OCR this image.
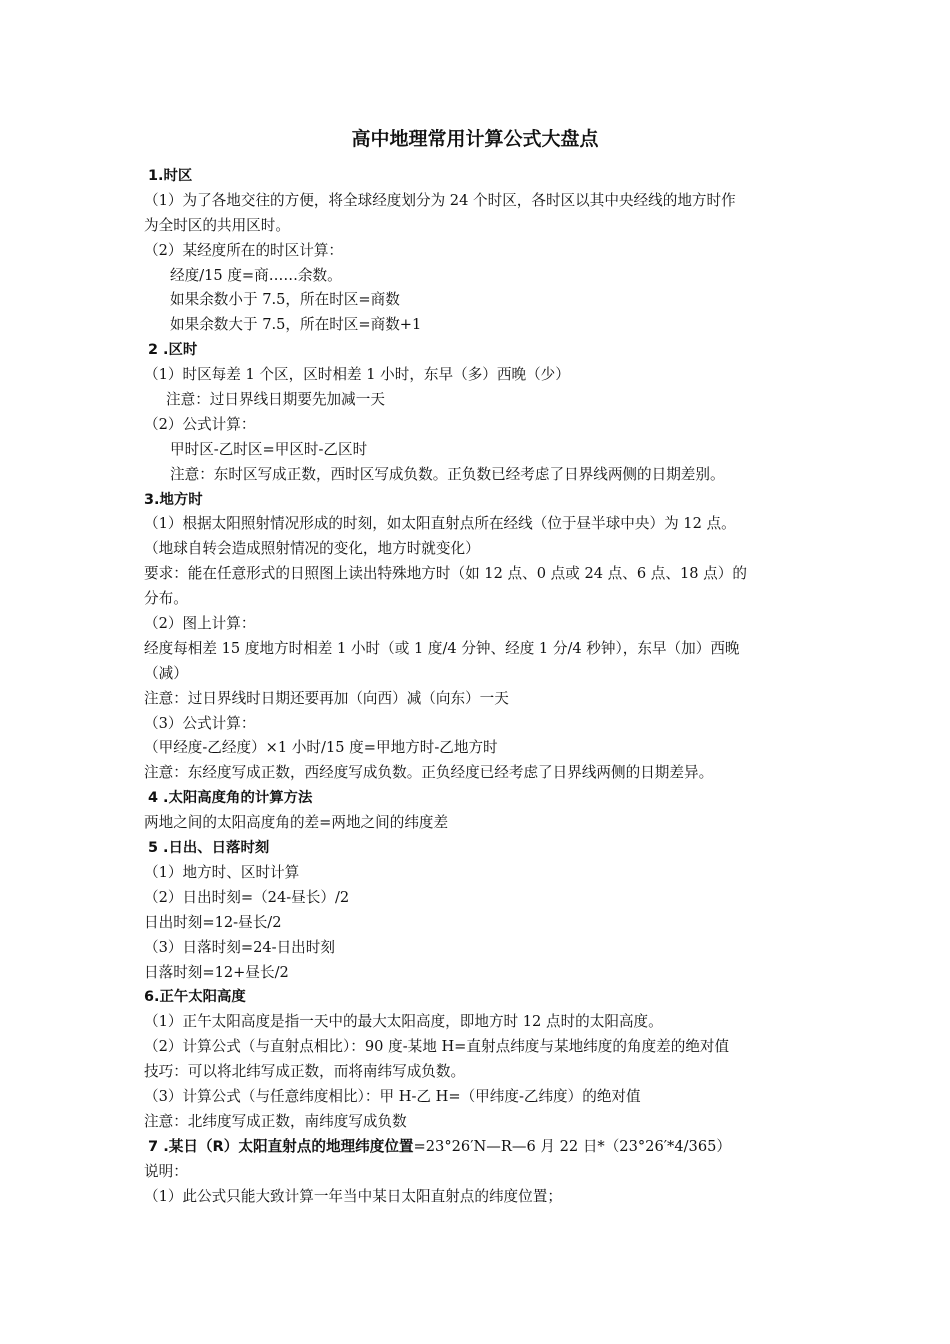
高中地理常用计算公式大盘点
1.时区
（1）为了各地交往的方便，将全球经度划分为 24 个时区，各时区以其中央经线的地方时作
为全时区的共用区时。
（2）某经度所在的时区计算：
经度/15 度=商……余数。
如果余数小于 7.5，所在时区=商数
如果余数大于 7.5，所在时区=商数+1
2 .区时
（1）时区每差 1 个区，区时相差 1 小时，东早（多）西晚（少）
注意：过日界线日期要先加减一天
（2）公式计算：
甲时区-乙时区=甲区时-乙区时
注意：东时区写成正数，西时区写成负数。正负数已经考虑了日界线两侧的日期差别。
3.地方时
（1）根据太阳照射情况形成的时刻，如太阳直射点所在经线（位于昼半球中央）为 12 点。
（地球自转会造成照射情况的变化，地方时就变化）
要求：能在任意形式的日照图上读出特殊地方时（如 12 点、0 点或 24 点、6 点、18 点）的
分布。
（2）图上计算：
经度每相差 15 度地方时相差 1 小时（或 1 度/4 分钟、经度 1 分/4 秒钟），东早（加）西晚
（减）
注意：过日界线时日期还要再加（向西）减（向东）一天
（3）公式计算：
（甲经度-乙经度）×1 小时/15 度=甲地方时-乙地方时
注意：东经度写成正数，西经度写成负数。正负经度已经考虑了日界线两侧的日期差异。
4 .太阳高度角的计算方法
两地之间的太阳高度角的差=两地之间的纬度差
5 .日出、日落时刻
（1）地方时、区时计算
（2）日出时刻=（24-昼长）/2
日出时刻=12-昼长/2
（3）日落时刻=24-日出时刻
日落时刻=12+昼长/2
6.正午太阳高度
（1）正午太阳高度是指一天中的最大太阳高度，即地方时 12 点时的太阳高度。
（2）计算公式（与直射点相比）：90 度-某地 H=直射点纬度与某地纬度的角度差的绝对值
技巧：可以将北纬写成正数，而将南纬写成负数。
（3）计算公式（与任意纬度相比）：甲 H-乙 H=（甲纬度-乙纬度）的绝对值
注意：北纬度写成正数，南纬度写成负数
7 .某日（R）太阳直射点的地理纬度位置=23°26′N—R—6 月 22 日*（23°26′*4/365）
说明：
（1）此公式只能大致计算一年当中某日太阳直射点的纬度位置；
